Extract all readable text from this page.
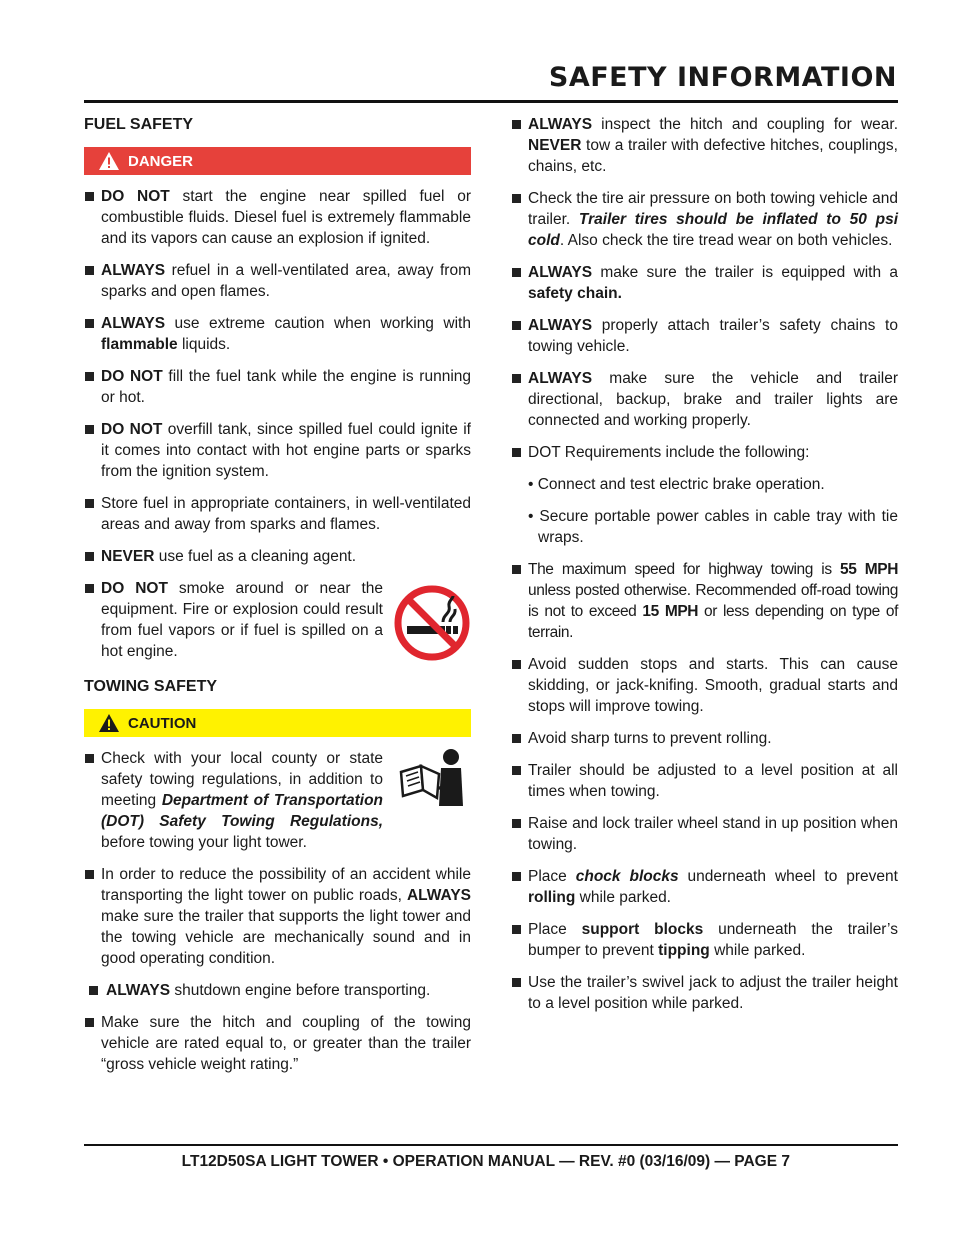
SAFETY INFORMATION
FUEL SAFETY
DANGER
DO NOT start the engine near spilled fuel or combustible fluids. Diesel fuel is extremely flammable and its vapors can cause an explosion if ignited.
ALWAYS refuel in a well-ventilated area, away from sparks and open flames.
ALWAYS use extreme caution when working with flammable liquids.
DO NOT fill the fuel tank while the engine is running or hot.
DO NOT overfill tank, since spilled fuel could ignite if it comes into contact with hot engine parts or sparks from the ignition system.
Store fuel in appropriate containers, in well-ventilated areas and away from sparks and flames.
NEVER use fuel as a cleaning agent.
DO NOT smoke around or near the equipment. Fire or explosion could result from fuel vapors or if fuel is spilled on a hot engine.
TOWING SAFETY
CAUTION
Check with your local county or state safety towing regulations, in addition to meeting Department of Transportation (DOT) Safety Towing Regulations, before towing your light tower.
In order to reduce the possibility of an accident while transporting the light tower on public roads, ALWAYS make sure the trailer that supports the light tower and the towing vehicle are mechanically sound and in good operating condition.
ALWAYS shutdown engine before transporting.
Make sure the hitch and coupling of the towing vehicle are rated equal to, or greater than the trailer “gross vehicle weight rating.”
ALWAYS inspect the hitch and coupling for wear. NEVER tow a trailer with defective hitches, couplings, chains, etc.
Check the tire air pressure on both towing vehicle and trailer. Trailer tires should be inflated to 50 psi cold. Also check the tire tread wear on both vehicles.
ALWAYS make sure the trailer is equipped with a safety chain.
ALWAYS properly attach trailer’s safety chains to towing vehicle.
ALWAYS make sure the vehicle and trailer directional, backup, brake and trailer lights are connected and working properly.
DOT Requirements include the following:
• Connect and test electric brake operation.
• Secure portable power cables in cable tray with tie wraps.
The maximum speed for highway towing is 55 MPH unless posted otherwise. Recommended off-road towing is not to exceed 15 MPH or less depending on type of terrain.
Avoid sudden stops and starts. This can cause skidding, or jack-knifing. Smooth, gradual starts and stops will improve towing.
Avoid sharp turns to prevent rolling.
Trailer should be adjusted to a level position at all times when towing.
Raise and lock trailer wheel stand in up position when towing.
Place chock blocks underneath wheel to prevent rolling while parked.
Place support blocks underneath the trailer’s bumper to prevent tipping while parked.
Use the trailer’s swivel jack to adjust the trailer height to a level position while parked.
LT12D50SA LIGHT TOWER • OPERATION MANUAL — REV. #0 (03/16/09) — PAGE 7
